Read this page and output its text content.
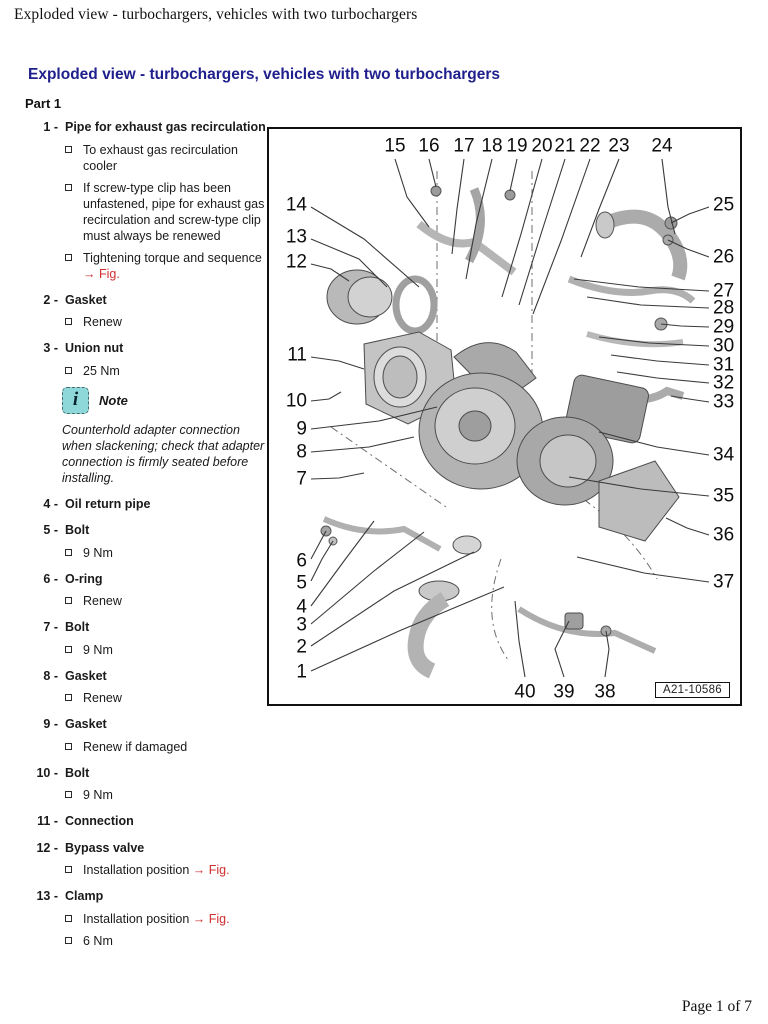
Exploded view - turbochargers, vehicles with two turbochargers
Exploded view - turbochargers, vehicles with two turbochargers
Part 1
1 - Pipe for exhaust gas recirculation
To exhaust gas recirculation cooler
If screw-type clip has been unfastened, pipe for exhaust gas recirculation and screw-type clip must always be renewed
Tightening torque and sequence → Fig.
2 - Gasket
Renew
3 - Union nut
25 Nm
i Note
Counterhold adapter connection when slackening; check that adapter connection is firmly seated before installing.
4 - Oil return pipe
5 - Bolt
9 Nm
6 - O-ring
Renew
7 - Bolt
9 Nm
8 - Gasket
Renew
9 - Gasket
Renew if damaged
10 - Bolt
9 Nm
11 - Connection
12 - Bypass valve
Installation position → Fig.
13 - Clamp
Installation position → Fig.
6 Nm
15 16 17 18 19 20 21 22 23 24
14
13
12
11
10
9
8
7
6
5
4
3
2
1
25
26
27
28
29
30
31
32
33
34
35
36
37
40 39 38	A21-10586
Page 1 of 7
